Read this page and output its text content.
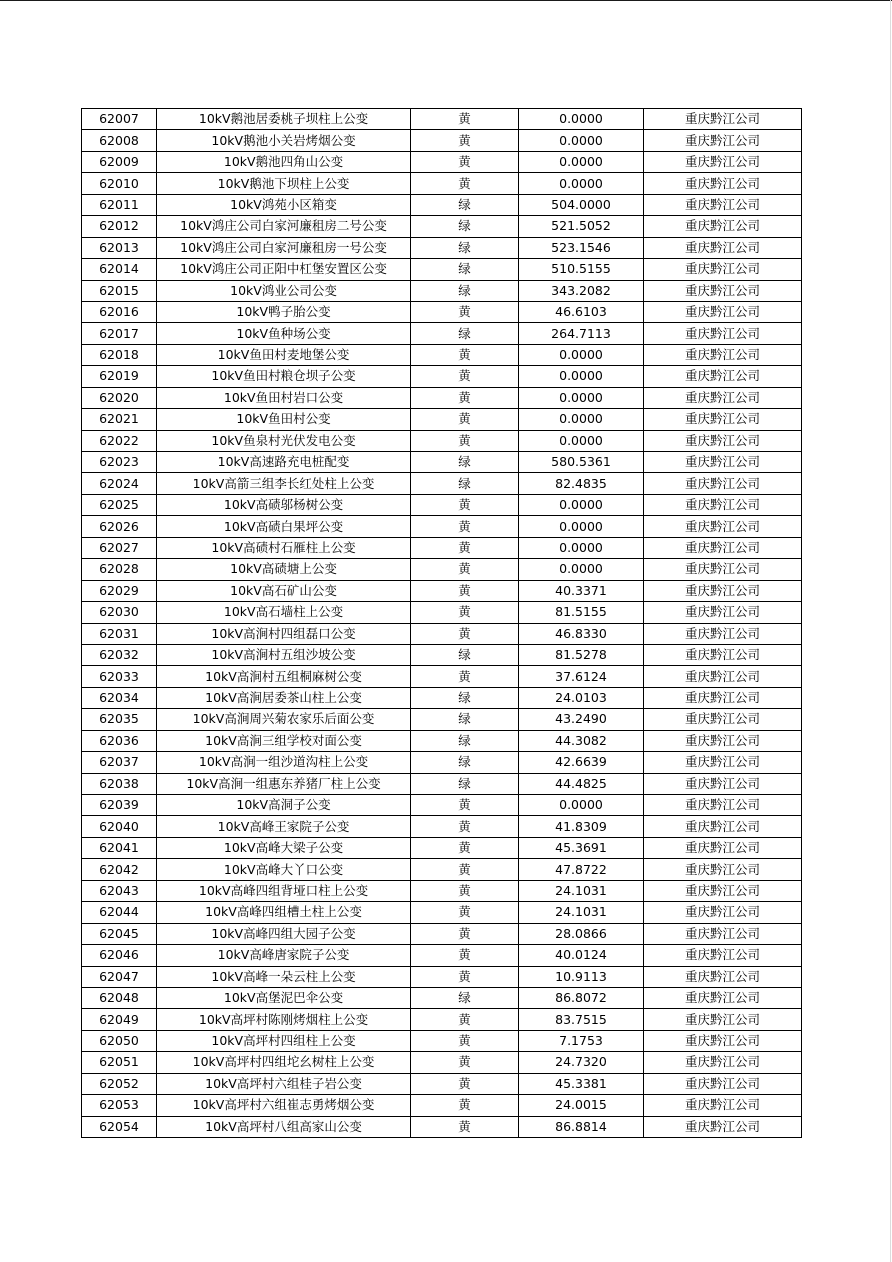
62007	10kV鹅池居委桃子坝柱上公变	黄	0.0000	重庆黔江公司
62008	10kV鹅池小关岩烤烟公变	黄	0.0000	重庆黔江公司
62009	10kV鹅池四角山公变	黄	0.0000	重庆黔江公司
62010	10kV鹅池下坝柱上公变	黄	0.0000	重庆黔江公司
62011	10kV鸿苑小区箱变	绿	504.0000	重庆黔江公司
62012	10kV鸿庄公司白家河廉租房二号公变	绿	521.5052	重庆黔江公司
62013	10kV鸿庄公司白家河廉租房一号公变	绿	523.1546	重庆黔江公司
62014	10kV鸿庄公司正阳中杠堡安置区公变	绿	510.5155	重庆黔江公司
62015	10kV鸿业公司公变	绿	343.2082	重庆黔江公司
62016	10kV鸭子胎公变	黄	46.6103	重庆黔江公司
62017	10kV鱼种场公变	绿	264.7113	重庆黔江公司
62018	10kV鱼田村麦地堡公变	黄	0.0000	重庆黔江公司
62019	10kV鱼田村粮仓坝子公变	黄	0.0000	重庆黔江公司
62020	10kV鱼田村岩口公变	黄	0.0000	重庆黔江公司
62021	10kV鱼田村公变	黄	0.0000	重庆黔江公司
62022	10kV鱼泉村光伏发电公变	黄	0.0000	重庆黔江公司
62023	10kV高速路充电桩配变	绿	580.5361	重庆黔江公司
62024	10kV高箭三组李长红处柱上公变	绿	82.4835	重庆黔江公司
62025	10kV高碛邬杨树公变	黄	0.0000	重庆黔江公司
62026	10kV高碛白果坪公变	黄	0.0000	重庆黔江公司
62027	10kV高碛村石雁柱上公变	黄	0.0000	重庆黔江公司
62028	10kV高碛塘上公变	黄	0.0000	重庆黔江公司
62029	10kV高石矿山公变	黄	40.3371	重庆黔江公司
62030	10kV高石墙柱上公变	黄	81.5155	重庆黔江公司
62031	10kV高涧村四组磊口公变	黄	46.8330	重庆黔江公司
62032	10kV高涧村五组沙坡公变	绿	81.5278	重庆黔江公司
62033	10kV高涧村五组桐麻树公变	黄	37.6124	重庆黔江公司
62034	10kV高涧居委茶山柱上公变	绿	24.0103	重庆黔江公司
62035	10kV高涧周兴菊农家乐后面公变	绿	43.2490	重庆黔江公司
62036	10kV高涧三组学校对面公变	绿	44.3082	重庆黔江公司
62037	10kV高涧一组沙道沟柱上公变	绿	42.6639	重庆黔江公司
62038	10kV高涧一组惠东养猪厂柱上公变	绿	44.4825	重庆黔江公司
62039	10kV高洞子公变	黄	0.0000	重庆黔江公司
62040	10kV高峰王家院子公变	黄	41.8309	重庆黔江公司
62041	10kV高峰大梁子公变	黄	45.3691	重庆黔江公司
62042	10kV高峰大丫口公变	黄	47.8722	重庆黔江公司
62043	10kV高峰四组背垭口柱上公变	黄	24.1031	重庆黔江公司
62044	10kV高峰四组槽土柱上公变	黄	24.1031	重庆黔江公司
62045	10kV高峰四组大园子公变	黄	28.0866	重庆黔江公司
62046	10kV高峰唐家院子公变	黄	40.0124	重庆黔江公司
62047	10kV高峰一朵云柱上公变	黄	10.9113	重庆黔江公司
62048	10kV高堡泥巴伞公变	绿	86.8072	重庆黔江公司
62049	10kV高坪村陈刚烤烟柱上公变	黄	83.7515	重庆黔江公司
62050	10kV高坪村四组柱上公变	黄	7.1753	重庆黔江公司
62051	10kV高坪村四组坨幺树柱上公变	黄	24.7320	重庆黔江公司
62052	10kV高坪村六组桂子岩公变	黄	45.3381	重庆黔江公司
62053	10kV高坪村六组崔志勇烤烟公变	黄	24.0015	重庆黔江公司
62054	10kV高坪村八组高家山公变	黄	86.8814	重庆黔江公司
